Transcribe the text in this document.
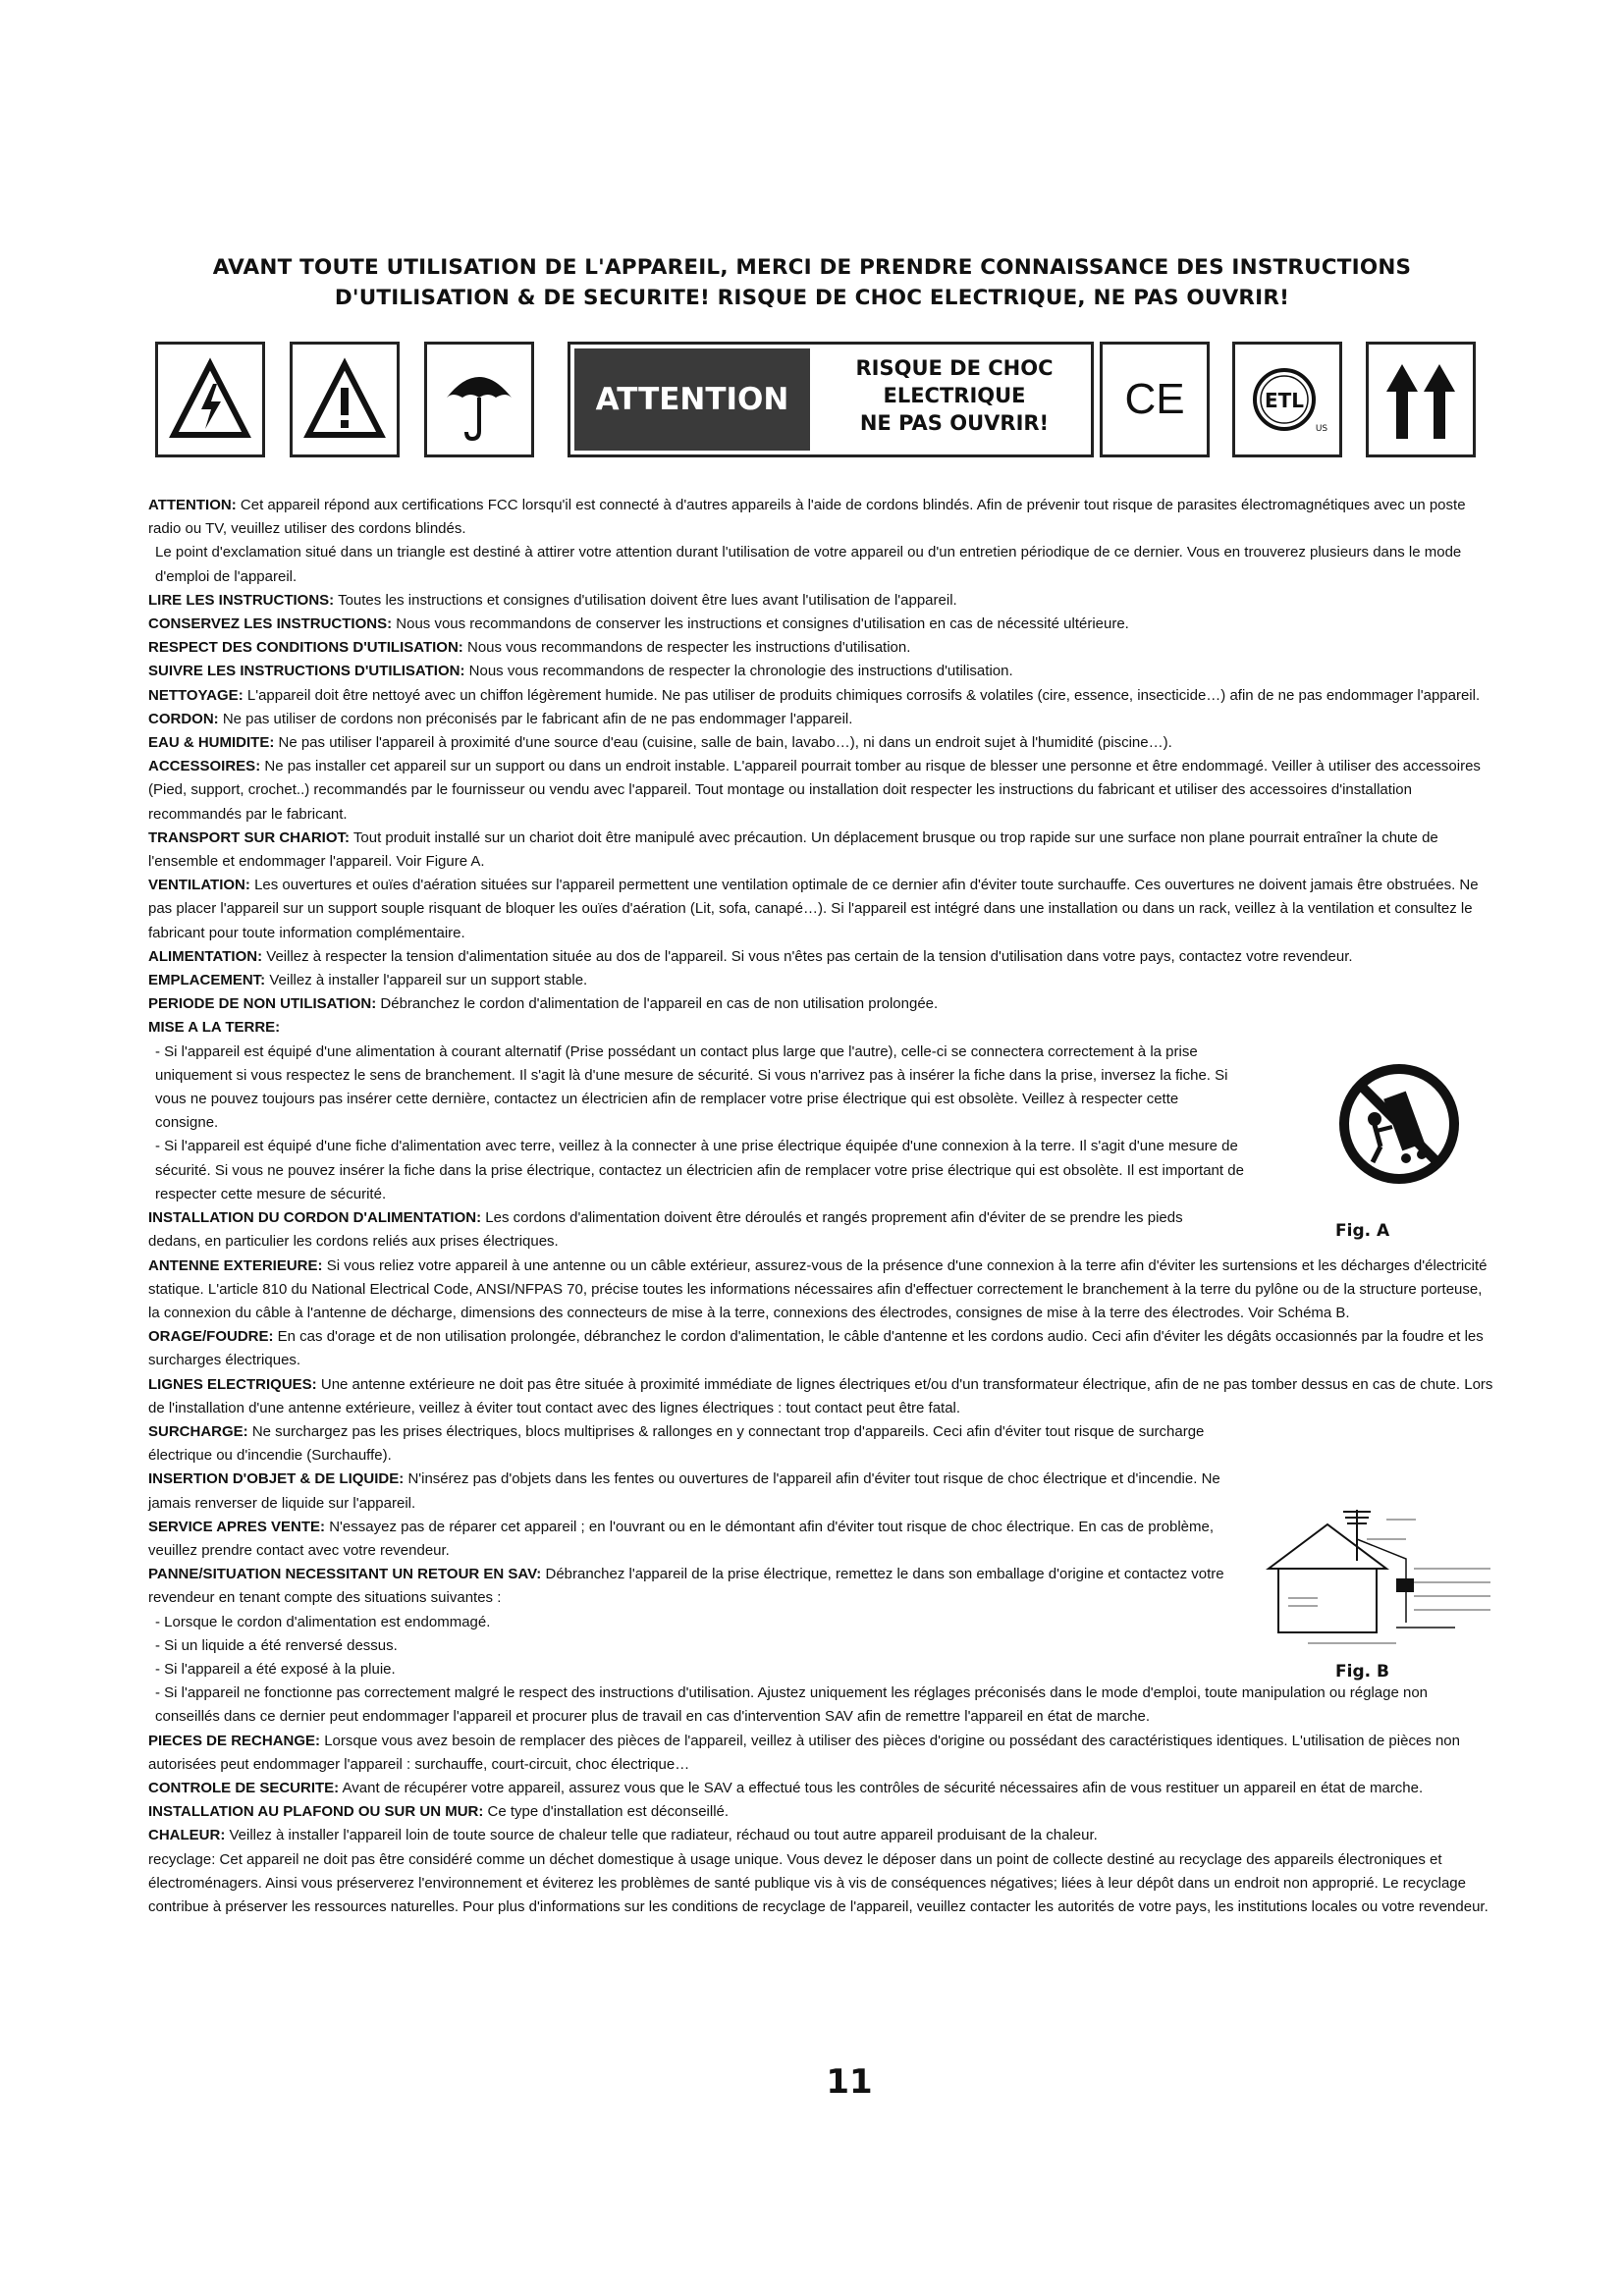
AVANT TOUTE UTILISATION DE L'APPAREIL, MERCI DE PRENDRE CONNAISSANCE DES INSTRUCTIONS
D'UTILISATION & DE SECURITE! RISQUE DE CHOC ELECTRIQUE, NE PAS OUVRIR!
ATTENTION
RISQUE DE CHOC
ELECTRIQUE
NE PAS OUVRIR!	CE	ETL
US

ATTENTION: Cet appareil répond aux certifications FCC lorsqu'il est connecté à d'autres appareils à l'aide de cordons blindés. Afin de prévenir tout risque de parasites électromagnétiques avec un poste radio ou TV, veuillez utiliser des cordons blindés.

Le point d'exclamation situé dans un triangle est destiné à attirer votre attention durant l'utilisation de votre appareil ou d'un entretien périodique de ce dernier. Vous en trouverez plusieurs dans le mode d'emploi de l'appareil.

LIRE LES INSTRUCTIONS: Toutes les instructions et consignes d'utilisation doivent être lues avant l'utilisation de l'appareil.

CONSERVEZ LES INSTRUCTIONS: Nous vous recommandons de conserver les instructions et consignes d'utilisation en cas de nécessité ultérieure.

RESPECT DES CONDITIONS D'UTILISATION: Nous vous recommandons de respecter les instructions d'utilisation.

SUIVRE LES INSTRUCTIONS D'UTILISATION: Nous vous recommandons de respecter la chronologie des instructions d'utilisation.

NETTOYAGE: L'appareil doit être nettoyé avec un chiffon légèrement humide. Ne pas utiliser de produits chimiques corrosifs & volatiles (cire, essence, insecticide…) afin de ne pas endommager l'appareil.

CORDON: Ne pas utiliser de cordons non préconisés par le fabricant afin de ne pas endommager l'appareil.

EAU & HUMIDITE: Ne pas utiliser l'appareil à proximité d'une source d'eau (cuisine, salle de bain, lavabo…), ni dans un endroit sujet à l'humidité (piscine…).

ACCESSOIRES: Ne pas installer cet appareil sur un support ou dans un endroit instable. L'appareil pourrait tomber au risque de blesser une personne et être endommagé. Veiller à utiliser des accessoires (Pied, support, crochet..) recommandés par le fournisseur ou vendu avec l'appareil. Tout montage ou installation doit respecter les instructions du fabricant et utiliser des accessoires d'installation recommandés par le fabricant.

TRANSPORT SUR CHARIOT: Tout produit installé sur un chariot doit être manipulé avec précaution. Un déplacement brusque ou trop rapide sur une surface non plane pourrait entraîner la chute de l'ensemble et endommager l'appareil. Voir Figure A.

VENTILATION: Les ouvertures et ouïes d'aération situées sur l'appareil permettent une ventilation optimale de ce dernier afin d'éviter toute surchauffe. Ces ouvertures ne doivent jamais être obstruées. Ne pas placer l'appareil sur un support souple risquant de bloquer les ouïes d'aération (Lit, sofa, canapé…). Si l'appareil est intégré dans une installation ou dans un rack, veillez à la ventilation et consultez le fabricant pour toute information complémentaire.

ALIMENTATION: Veillez à respecter la tension d'alimentation située au dos de l'appareil. Si vous n'êtes pas certain de la tension d'utilisation dans votre pays, contactez votre revendeur.

EMPLACEMENT: Veillez à installer l'appareil sur un support stable.

PERIODE DE NON UTILISATION: Débranchez le cordon d'alimentation de l'appareil en cas de non utilisation prolongée.

MISE A LA TERRE:

- Si l'appareil est équipé d'une alimentation à courant alternatif (Prise possédant un contact plus large que l'autre), celle-ci se connectera correctement à la prise uniquement si vous respectez le sens de branchement. Il s'agit là d'une mesure de sécurité. Si vous n'arrivez pas à insérer la fiche dans la prise, inversez la fiche. Si vous ne pouvez toujours pas insérer cette dernière, contactez un électricien afin de remplacer votre prise électrique qui est obsolète. Veillez à respecter cette consigne.

- Si l'appareil est équipé d'une fiche d'alimentation avec terre, veillez à la connecter à une prise électrique équipée d'une connexion à la terre. Il s'agit d'une mesure de sécurité. Si vous ne pouvez insérer la fiche dans la prise électrique, contactez un électricien afin de remplacer votre prise électrique qui est obsolète. Il est important de respecter cette mesure de sécurité.

INSTALLATION DU CORDON D'ALIMENTATION: Les cordons d'alimentation doivent être déroulés et rangés proprement afin d'éviter de se prendre les pieds dedans, en particulier les cordons reliés aux prises électriques.

ANTENNE EXTERIEURE: Si vous reliez votre appareil à une antenne ou un câble extérieur, assurez-vous de la présence d'une connexion à la terre afin d'éviter les surtensions et les décharges d'électricité statique. L'article 810 du National Electrical Code, ANSI/NFPAS 70, précise toutes les informations nécessaires afin d'effectuer correctement le branchement à la terre du pylône ou de la structure porteuse, la connexion du câble à l'antenne de décharge, dimensions des connecteurs de mise à la terre, connexions des électrodes, consignes de mise à la terre des électrodes. Voir Schéma B.

ORAGE/FOUDRE: En cas d'orage et de non utilisation prolongée, débranchez le cordon d'alimentation, le câble d'antenne et les cordons audio. Ceci afin d'éviter les dégâts occasionnés par la foudre et les surcharges électriques.

LIGNES ELECTRIQUES: Une antenne extérieure ne doit pas être située à proximité immédiate de lignes électriques et/ou d'un transformateur électrique, afin de ne pas tomber dessus en cas de chute. Lors de l'installation d'une antenne extérieure, veillez à éviter tout contact avec des lignes électriques : tout contact peut être fatal.

SURCHARGE: Ne surchargez pas les prises électriques, blocs multiprises & rallonges en y connectant trop d'appareils. Ceci afin d'éviter tout risque de surcharge électrique ou d'incendie (Surchauffe).

INSERTION D'OBJET & DE LIQUIDE: N'insérez pas d'objets dans les fentes ou ouvertures de l'appareil afin d'éviter tout risque de choc électrique et d'incendie. Ne jamais renverser de liquide sur l'appareil.

SERVICE APRES VENTE: N'essayez pas de réparer cet appareil ; en l'ouvrant ou en le démontant afin d'éviter tout risque de choc électrique. En cas de problème, veuillez prendre contact avec votre revendeur.

PANNE/SITUATION NECESSITANT UN RETOUR EN SAV: Débranchez l'appareil de la prise électrique, remettez le dans son emballage d'origine et contactez votre revendeur en tenant compte des situations suivantes :

- Lorsque le cordon d'alimentation est endommagé.

- Si un liquide a été renversé dessus.

- Si l'appareil a été exposé à la pluie.

- Si l'appareil ne fonctionne pas correctement malgré le respect des instructions d'utilisation. Ajustez uniquement les réglages préconisés dans le mode d'emploi, toute manipulation ou réglage non conseillés dans ce dernier peut endommager l'appareil et procurer plus de travail en cas d'intervention SAV afin de remettre l'appareil en état de marche.

PIECES DE RECHANGE: Lorsque vous avez besoin de remplacer des pièces de l'appareil, veillez à utiliser des pièces d'origine ou possédant des caractéristiques identiques. L'utilisation de pièces non autorisées peut endommager l'appareil : surchauffe, court-circuit, choc électrique…

CONTROLE DE SECURITE: Avant de récupérer votre appareil, assurez vous que le SAV a effectué tous les contrôles de sécurité nécessaires afin de vous restituer un appareil en état de marche.

INSTALLATION AU PLAFOND OU SUR UN MUR: Ce type d'installation est déconseillé.

CHALEUR: Veillez à installer l'appareil loin de toute source de chaleur telle que radiateur, réchaud ou tout autre appareil produisant de la chaleur.

recyclage: Cet appareil ne doit pas être considéré comme un déchet domestique à usage unique. Vous devez le déposer dans un point de collecte destiné au recyclage des appareils électroniques et électroménagers. Ainsi vous préserverez l'environnement et éviterez les problèmes de santé publique vis à vis de conséquences négatives; liées à leur dépôt dans un endroit non approprié. Le recyclage contribue à préserver les ressources naturelles. Pour plus d'informations sur les conditions de recyclage de l'appareil, veuillez contacter les autorités de votre pays, les institutions locales ou votre revendeur.

Fig. A
Fig. B
11
